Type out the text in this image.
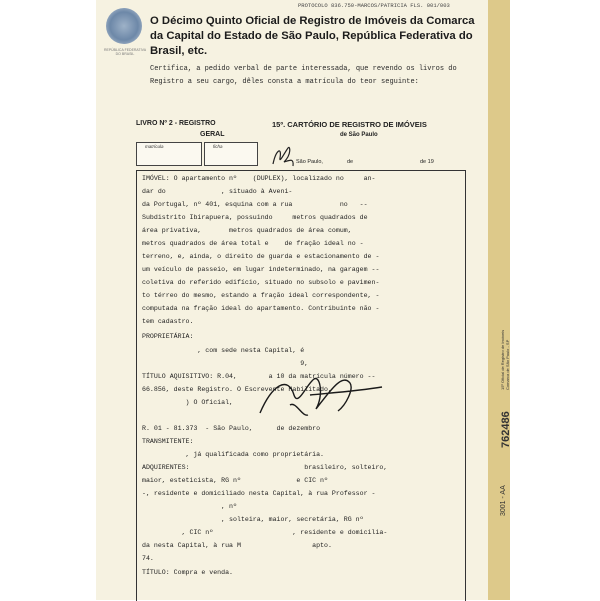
PROTOCOLO 836.750-MARCOS/PATRICIA FLS. 001/003
REPÚBLICA FEDERATIVA DO BRASIL
O Décimo Quinto Oficial de Registro de Imóveis da Comarca da Capital do Estado de São Paulo, República Federativa do Brasil, etc.
Certifica, a pedido verbal de parte interessada, que revendo os livros do Registro a seu cargo, dêles consta a matrícula do teor seguinte:
LIVRO Nº 2 - REGISTRO
GERAL
15º. CARTÓRIO DE REGISTRO DE IMÓVEIS
de São Paulo
matrícula	ficha
São Paulo,	de	de 19
IMÓVEL: O apartamento nº    (DUPLEX), localizado no     an-
dar do              , situado à Aveni-
da Portugal, nº 401, esquina com a rua            no   --
Subdistrito Ibirapuera, possuindo     metros quadrados de
área privativa,       metros quadrados de área comum,
metros quadrados de área total e    de fração ideal no -
terreno, e, ainda, o direito de guarda e estacionamento de -
um veículo de passeio, em lugar indeterminado, na garagem --
coletiva do referido edifício, situado no subsolo e pavimen-
to térreo do mesmo, estando a fração ideal correspondente, -
computada na fração ideal do apartamento. Contribuinte não -
tem cadastro.
PROPRIETÁRIA:
, com sede nesta Capital, é
9,
TÍTULO AQUISITIVO: R.04,        a 10 da matrícula número --
66.856, deste Registro. O Escrevente Habilitado,
) O Oficial,
R. 01 - 81.373  - São Paulo,      de dezembro
TRANSMITENTE:
, já qualificada como proprietária.
ADQUIRENTES:                             brasileiro, solteiro,
maior, esteticista, RG nº              e CIC nº
-, residente e domiciliado nesta Capital, à rua Professor -
, nº
, solteira, maior, secretária, RG nº
, CIC nº                    , residente e domicilia-
da nesta Capital, à rua M                  apto.
74.
TÍTULO: Compra e venda.
15º Oficial de Registro de Imóveis Comarca de São Paulo - SP
3001 - AA
762486
